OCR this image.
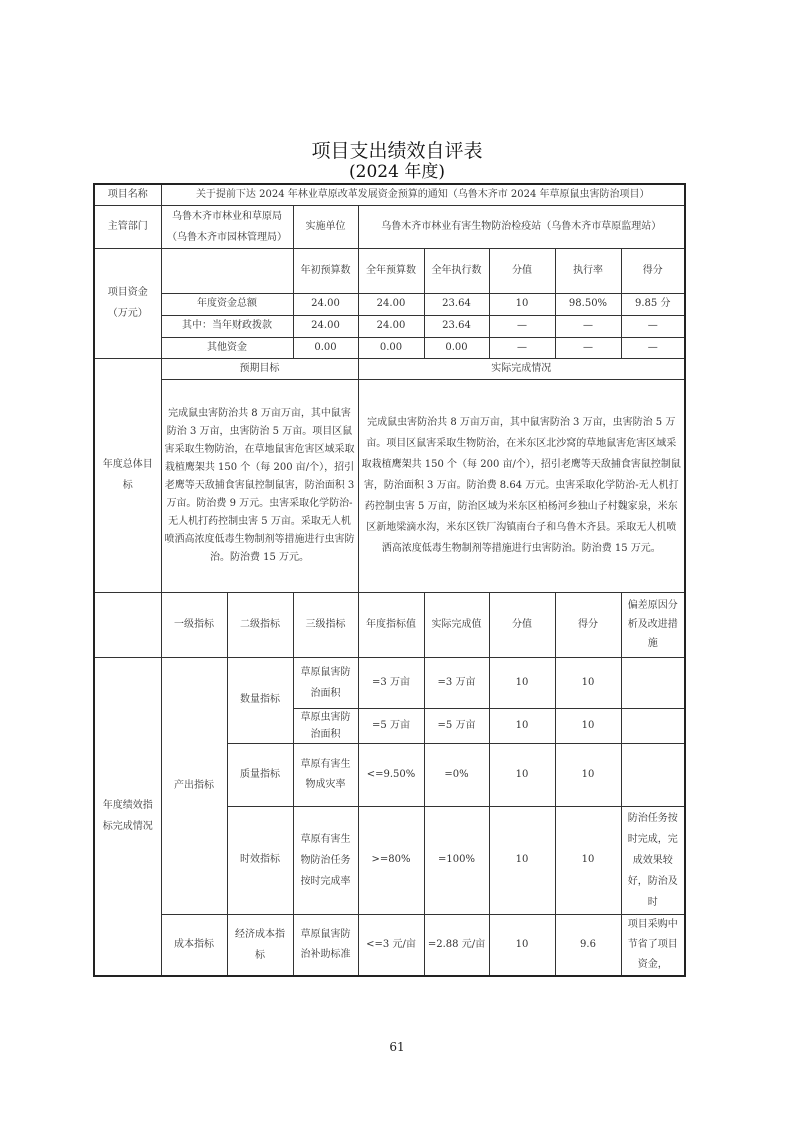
项目支出绩效自评表
(2024 年度)
项目名称	关于提前下达 2024 年林业草原改革发展资金预算的通知（乌鲁木齐市 2024 年草原鼠虫害防治项目）							
主管部门	乌鲁木齐市林业和草原局（乌鲁木齐市园林管理局）		实施单位	乌鲁木齐市林业有害生物防治检疫站（乌鲁木齐市草原监理站）				
项目资金（万元）			年初预算数	全年预算数	全年执行数	分值	执行率	得分
	年度资金总额		24.00	24.00	23.64	10	98.50%	9.85 分
	其中：当年财政拨款		24.00	24.00	23.64	—	—	—
	其他资金		0.00	0.00	0.00	—	—	—
年度总体目标	预期目标			实际完成情况				
	完成鼠虫害防治共 8 万亩万亩，其中鼠害防治 3 万亩，虫害防治 5 万亩。项目区鼠害采取生物防治，在草地鼠害危害区域采取栽植鹰架共 150 个（每 200 亩/个），招引老鹰等天敌捕食害鼠控制鼠害，防治面积 3 万亩。防治费 9 万元。虫害采取化学防治-无人机打药控制虫害 5 万亩。采取无人机喷洒高浓度低毒生物制剂等措施进行虫害防治。防治费 15 万元。			完成鼠虫害防治共 8 万亩万亩，其中鼠害防治 3 万亩，虫害防治 5 万亩。项目区鼠害采取生物防治，在米东区北沙窝的草地鼠害危害区域采取栽植鹰架共 150 个（每 200 亩/个），招引老鹰等天敌捕食害鼠控制鼠害，防治面积 3 万亩。防治费 8.64 万元。虫害采取化学防治-无人机打药控制虫害 5 万亩，防治区域为米东区柏杨河乡独山子村魏家泉，米东区新地梁滴水沟，米东区铁厂沟镇南台子和乌鲁木齐县。采取无人机喷洒高浓度低毒生物制剂等措施进行虫害防治。防治费 15 万元。				
	一级指标	二级指标	三级指标	年度指标值	实际完成值	分值	得分	偏差原因分析及改进措施
年度绩效指标完成情况	产出指标	数量指标	草原鼠害防治面积	=3 万亩	=3 万亩	10	10	
			草原虫害防治面积	=5 万亩	=5 万亩	10	10	
		质量指标	草原有害生物成灾率	<=9.50%	=0%	10	10	
		时效指标	草原有害生物防治任务按时完成率	>=80%	=100%	10	10	防治任务按时完成，完成效果较好，防治及时
	成本指标	经济成本指标	草原鼠害防治补助标准	<=3 元/亩	=2.88 元/亩	10	9.6	项目采购中节省了项目资金，
61
